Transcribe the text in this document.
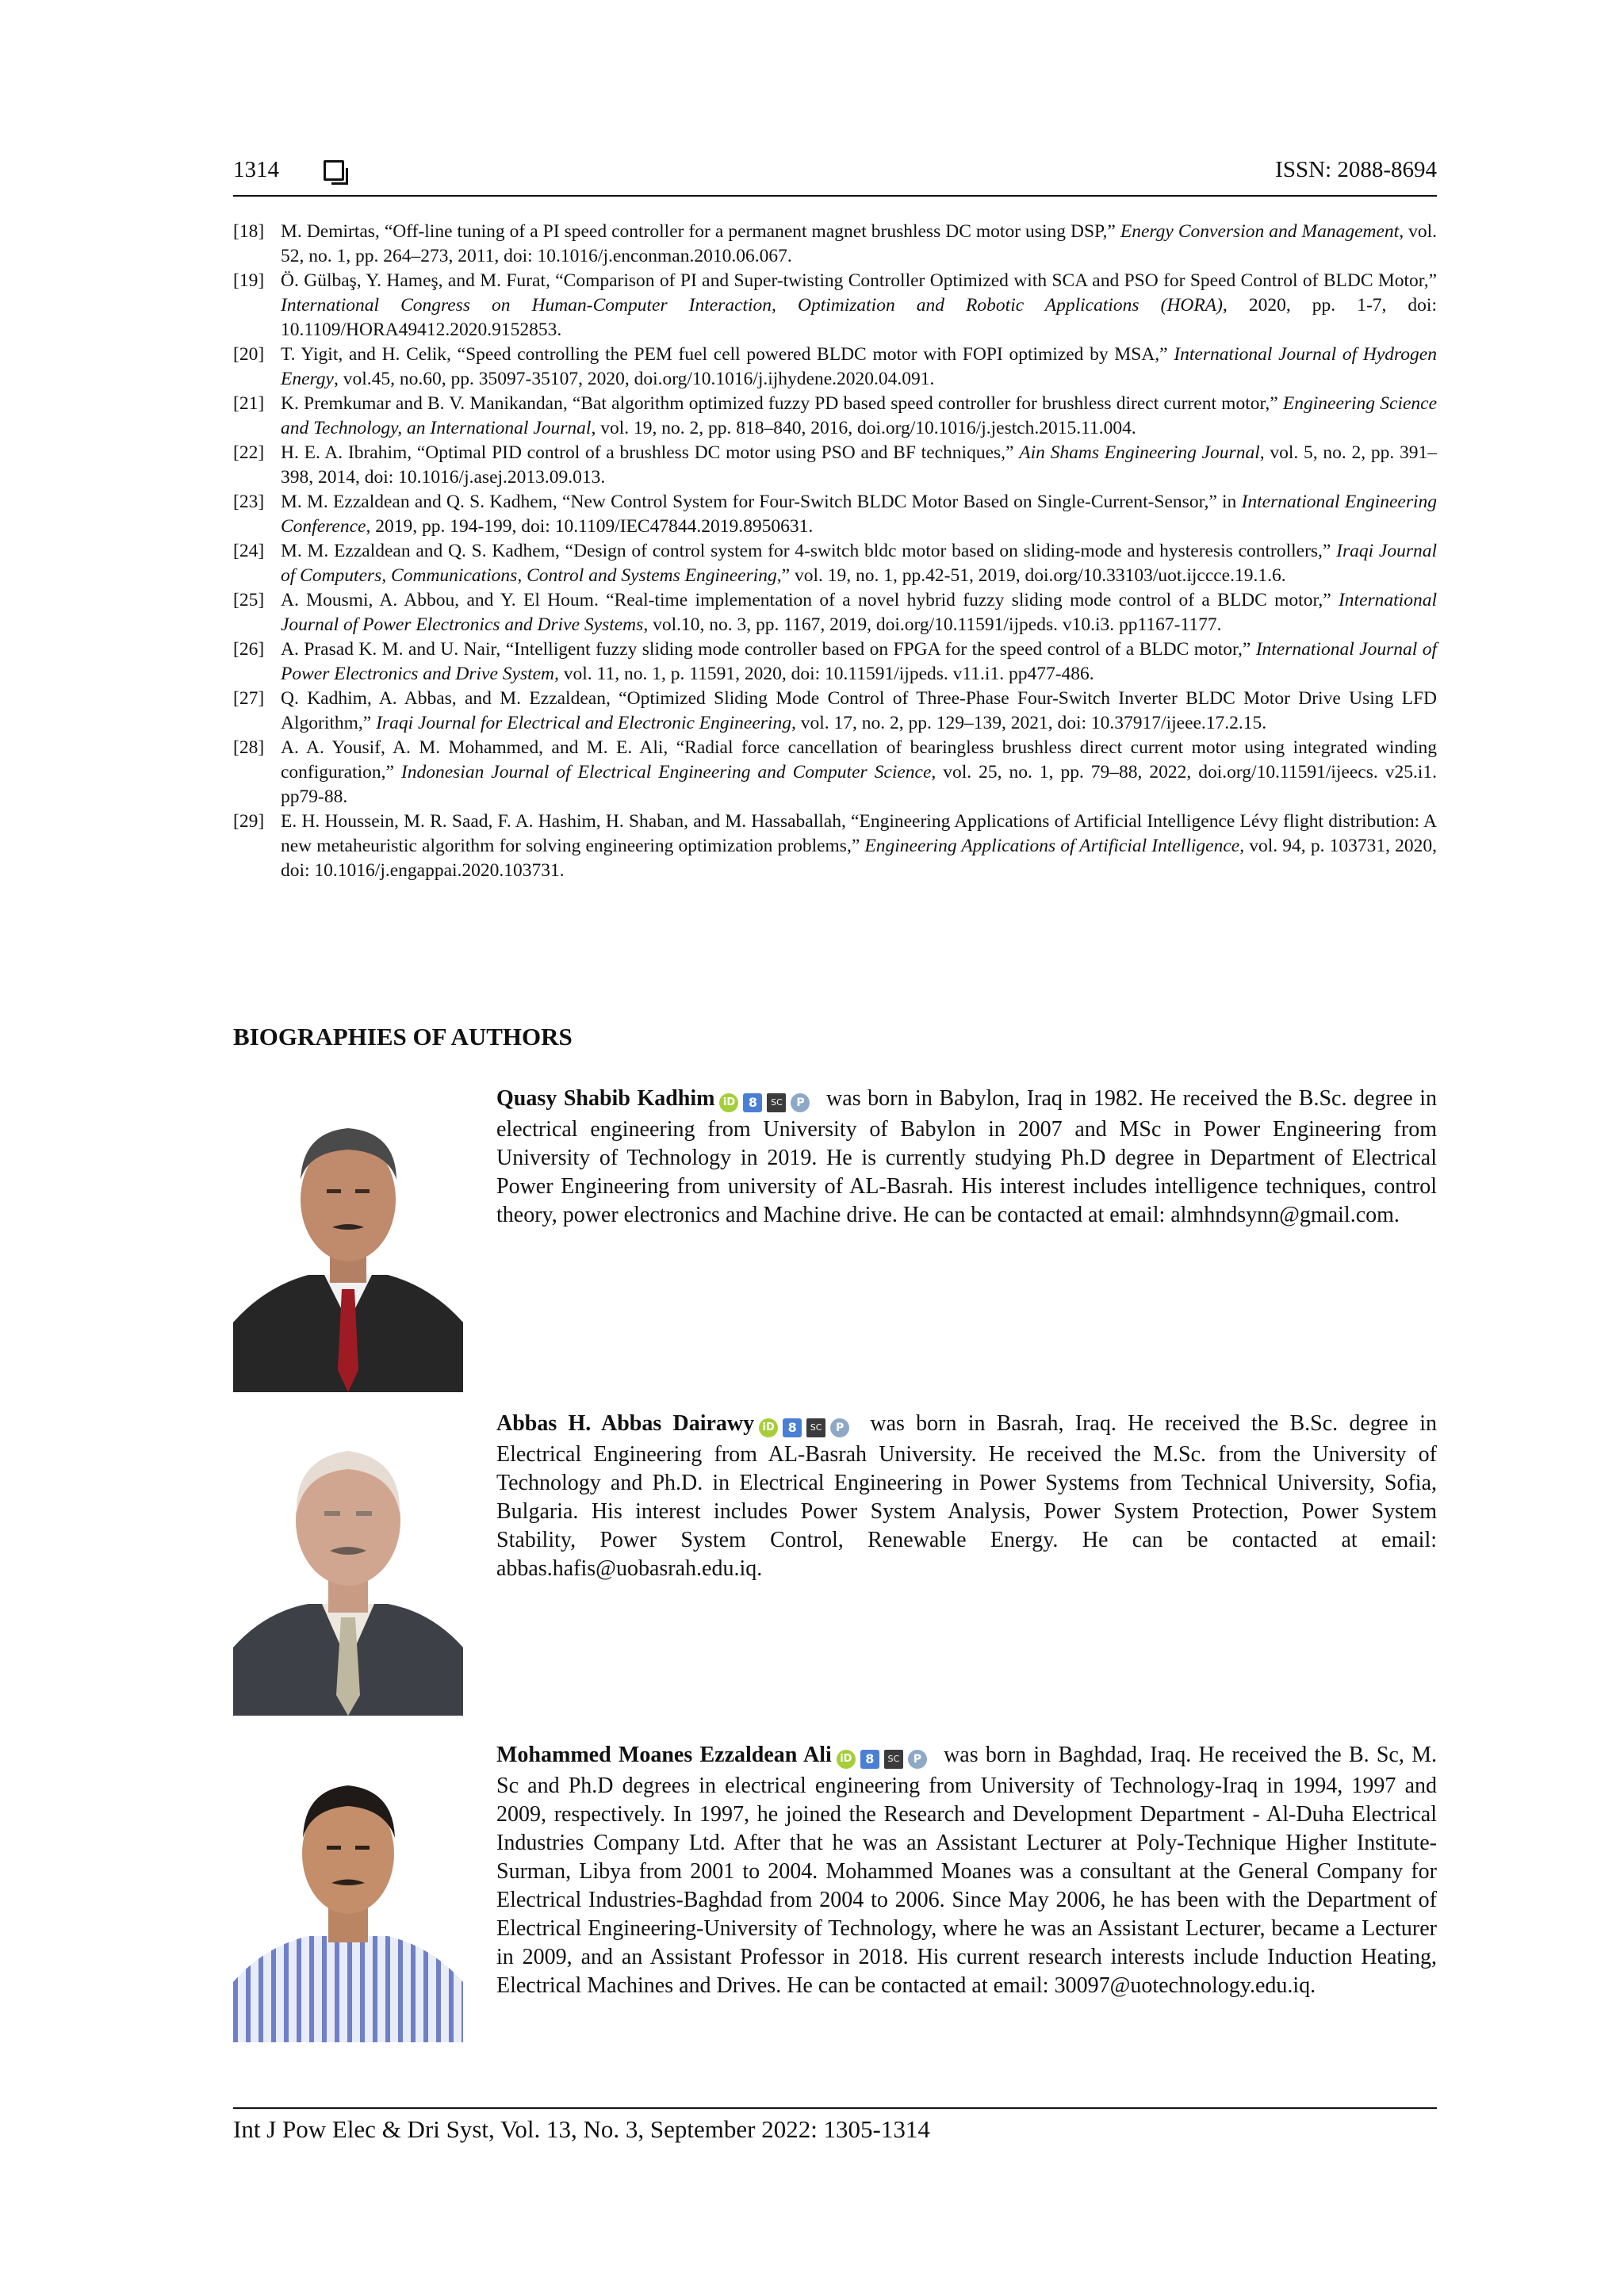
1314	ISSN: 2088-8694
[18] M. Demirtas, “Off-line tuning of a PI speed controller for a permanent magnet brushless DC motor using DSP,” Energy Conversion and Management, vol. 52, no. 1, pp. 264–273, 2011, doi: 10.1016/j.enconman.2010.06.067.
[19] Ö. Gülbaş, Y. Hameş, and M. Furat, “Comparison of PI and Super-twisting Controller Optimized with SCA and PSO for Speed Control of BLDC Motor,” International Congress on Human-Computer Interaction, Optimization and Robotic Applications (HORA), 2020, pp. 1-7, doi: 10.1109/HORA49412.2020.9152853.
[20] T. Yigit, and H. Celik, “Speed controlling the PEM fuel cell powered BLDC motor with FOPI optimized by MSA,” International Journal of Hydrogen Energy, vol.45, no.60, pp. 35097-35107, 2020, doi.org/10.1016/j.ijhydene.2020.04.091.
[21] K. Premkumar and B. V. Manikandan, “Bat algorithm optimized fuzzy PD based speed controller for brushless direct current motor,” Engineering Science and Technology, an International Journal, vol. 19, no. 2, pp. 818–840, 2016, doi.org/10.1016/j.jestch.2015.11.004.
[22] H. E. A. Ibrahim, “Optimal PID control of a brushless DC motor using PSO and BF techniques,” Ain Shams Engineering Journal, vol. 5, no. 2, pp. 391–398, 2014, doi: 10.1016/j.asej.2013.09.013.
[23] M. M. Ezzaldean and Q. S. Kadhem, “New Control System for Four-Switch BLDC Motor Based on Single-Current-Sensor,” in International Engineering Conference, 2019, pp. 194-199, doi: 10.1109/IEC47844.2019.8950631.
[24] M. M. Ezzaldean and Q. S. Kadhem, “Design of control system for 4-switch bldc motor based on sliding-mode and hysteresis controllers,” Iraqi Journal of Computers, Communications, Control and Systems Engineering,” vol. 19, no. 1, pp.42-51, 2019, doi.org/10.33103/uot.ijccce.19.1.6.
[25] A. Mousmi, A. Abbou, and Y. El Houm. “Real-time implementation of a novel hybrid fuzzy sliding mode control of a BLDC motor,” International Journal of Power Electronics and Drive Systems, vol.10, no. 3, pp. 1167, 2019, doi.org/10.11591/ijpeds. v10.i3. pp1167-1177.
[26] A. Prasad K. M. and U. Nair, “Intelligent fuzzy sliding mode controller based on FPGA for the speed control of a BLDC motor,” International Journal of Power Electronics and Drive System, vol. 11, no. 1, p. 11591, 2020, doi: 10.11591/ijpeds. v11.i1. pp477-486.
[27] Q. Kadhim, A. Abbas, and M. Ezzaldean, “Optimized Sliding Mode Control of Three-Phase Four-Switch Inverter BLDC Motor Drive Using LFD Algorithm,” Iraqi Journal for Electrical and Electronic Engineering, vol. 17, no. 2, pp. 129–139, 2021, doi: 10.37917/ijeee.17.2.15.
[28] A. A. Yousif, A. M. Mohammed, and M. E. Ali, “Radial force cancellation of bearingless brushless direct current motor using integrated winding configuration,” Indonesian Journal of Electrical Engineering and Computer Science, vol. 25, no. 1, pp. 79–88, 2022, doi.org/10.11591/ijeecs. v25.i1. pp79-88.
[29] E. H. Houssein, M. R. Saad, F. A. Hashim, H. Shaban, and M. Hassaballah, “Engineering Applications of Artificial Intelligence Lévy flight distribution: A new metaheuristic algorithm for solving engineering optimization problems,” Engineering Applications of Artificial Intelligence, vol. 94, p. 103731, 2020, doi: 10.1016/j.engappai.2020.103731.
BIOGRAPHIES OF AUTHORS
Quasy Shabib Kadhim iD 8 SC P was born in Babylon, Iraq in 1982. He received the B.Sc. degree in electrical engineering from University of Babylon in 2007 and MSc in Power Engineering from University of Technology in 2019. He is currently studying Ph.D degree in Department of Electrical Power Engineering from university of AL-Basrah. His interest includes intelligence techniques, control theory, power electronics and Machine drive. He can be contacted at email: almhndsynn@gmail.com.
Abbas H. Abbas Dairawy iD 8 SC P was born in Basrah, Iraq. He received the B.Sc. degree in Electrical Engineering from AL-Basrah University. He received the M.Sc. from the University of Technology and Ph.D. in Electrical Engineering in Power Systems from Technical University, Sofia, Bulgaria. His interest includes Power System Analysis, Power System Protection, Power System Stability, Power System Control, Renewable Energy. He can be contacted at email: abbas.hafis@uobasrah.edu.iq.
Mohammed Moanes Ezzaldean Ali iD 8 SC P was born in Baghdad, Iraq. He received the B. Sc, M. Sc and Ph.D degrees in electrical engineering from University of Technology-Iraq in 1994, 1997 and 2009, respectively. In 1997, he joined the Research and Development Department - Al-Duha Electrical Industries Company Ltd. After that he was an Assistant Lecturer at Poly-Technique Higher Institute-Surman, Libya from 2001 to 2004. Mohammed Moanes was a consultant at the General Company for Electrical Industries-Baghdad from 2004 to 2006. Since May 2006, he has been with the Department of Electrical Engineering-University of Technology, where he was an Assistant Lecturer, became a Lecturer in 2009, and an Assistant Professor in 2018. His current research interests include Induction Heating, Electrical Machines and Drives. He can be contacted at email: 30097@uotechnology.edu.iq.
Int J Pow Elec & Dri Syst, Vol. 13, No. 3, September 2022: 1305-1314
